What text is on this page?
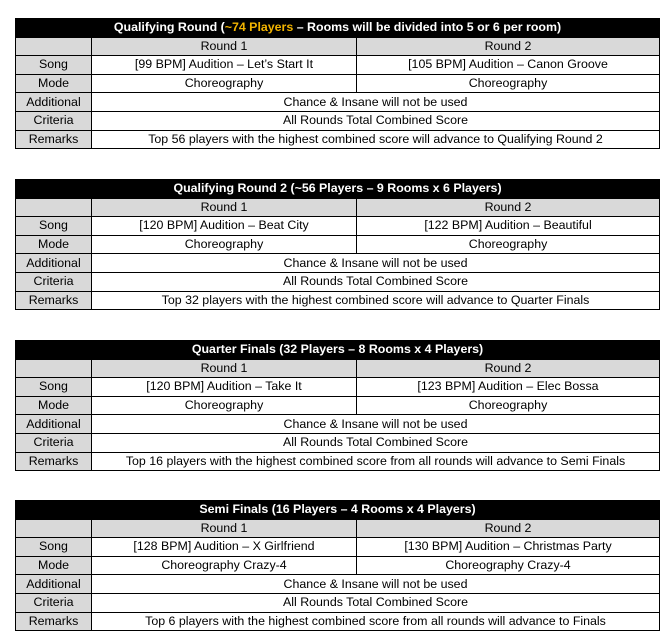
Qualifying Round (~74 Players – Rooms will be divided into 5 or 6 per room)		
	Round 1	Round 2
Song	[99 BPM] Audition – Let’s Start It	[105 BPM] Audition – Canon Groove
Mode	Choreography	Choreography
Additional	Chance & Insane will not be used	
Criteria	All Rounds Total Combined Score	
Remarks	Top 56 players with the highest combined score will advance to Qualifying Round 2	
Qualifying Round 2 (~56 Players – 9 Rooms x 6 Players)		
	Round 1	Round 2
Song	[120 BPM] Audition – Beat City	[122 BPM] Audition – Beautiful
Mode	Choreography	Choreography
Additional	Chance & Insane will not be used	
Criteria	All Rounds Total Combined Score	
Remarks	Top 32 players with the highest combined score will advance to Quarter Finals	
Quarter Finals (32 Players – 8 Rooms x 4 Players)		
	Round 1	Round 2
Song	[120 BPM] Audition – Take It	[123 BPM] Audition – Elec Bossa
Mode	Choreography	Choreography
Additional	Chance & Insane will not be used	
Criteria	All Rounds Total Combined Score	
Remarks	Top 16 players with the highest combined score from all rounds will advance to Semi Finals	
Semi Finals (16 Players – 4 Rooms x 4 Players)		
	Round 1	Round 2
Song	[128 BPM] Audition – X Girlfriend	[130 BPM] Audition – Christmas Party
Mode	Choreography Crazy-4	Choreography Crazy-4
Additional	Chance & Insane will not be used	
Criteria	All Rounds Total Combined Score	
Remarks	Top 6 players with the highest combined score from all rounds will advance to Finals	
